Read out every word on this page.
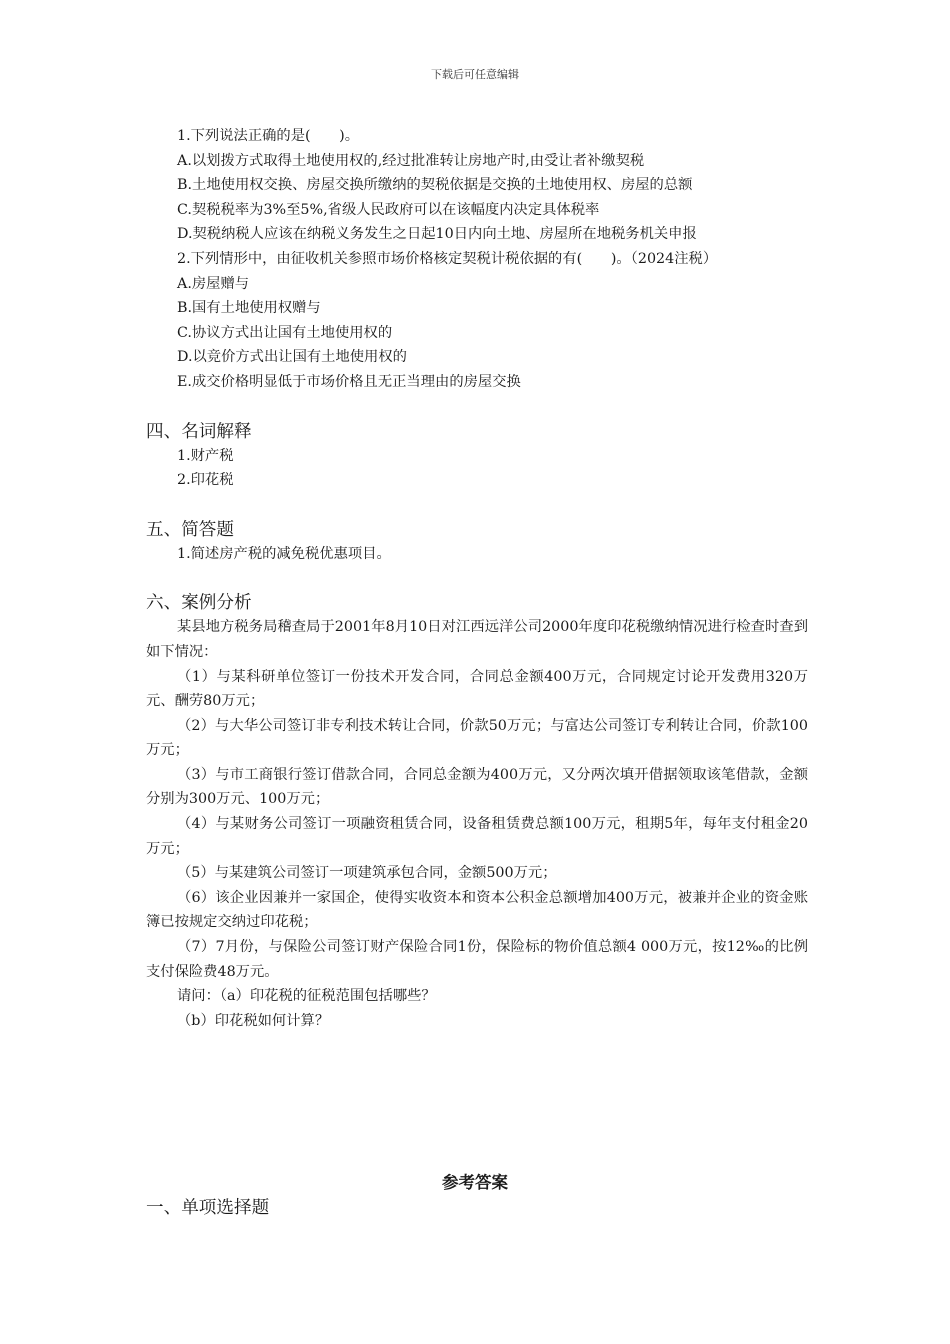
下载后可任意编辑

1.下列说法正确的是(　　)。

A.以划拨方式取得土地使用权的,经过批准转让房地产时,由受让者补缴契税

B.土地使用权交换、房屋交换所缴纳的契税依据是交换的土地使用权、房屋的总额

C.契税税率为3%至5%,省级人民政府可以在该幅度内决定具体税率

D.契税纳税人应该在纳税义务发生之日起10日内向土地、房屋所在地税务机关申报

2.下列情形中，由征收机关参照市场价格核定契税计税依据的有(　　)。（2024注税）

A.房屋赠与

B.国有土地使用权赠与

C.协议方式出让国有土地使用权的

D.以竞价方式出让国有土地使用权的

E.成交价格明显低于市场价格且无正当理由的房屋交换

四、名词解释

1.财产税

2.印花税

五、简答题

1.简述房产税的减免税优惠项目。

六、案例分析

某县地方税务局稽查局于2001年8月10日对江西远洋公司2000年度印花税缴纳情况进行检查时查到如下情况：

（1）与某科研单位签订一份技术开发合同，合同总金额400万元，合同规定讨论开发费用320万元、酬劳80万元；

（2）与大华公司签订非专利技术转让合同，价款50万元；与富达公司签订专利转让合同，价款100万元；

（3）与市工商银行签订借款合同，合同总金额为400万元，又分两次填开借据领取该笔借款，金额分别为300万元、100万元；

（4）与某财务公司签订一项融资租赁合同，设备租赁费总额100万元，租期5年，每年支付租金20万元；

（5）与某建筑公司签订一项建筑承包合同，金额500万元；

（6）该企业因兼并一家国企，使得实收资本和资本公积金总额增加400万元，被兼并企业的资金账簿已按规定交纳过印花税；

（7）7月份，与保险公司签订财产保险合同1份，保险标的物价值总额4 000万元，按12‰的比例支付保险费48万元。

请问：（a）印花税的征税范围包括哪些？

（b）印花税如何计算？

参考答案
一、单项选择题
